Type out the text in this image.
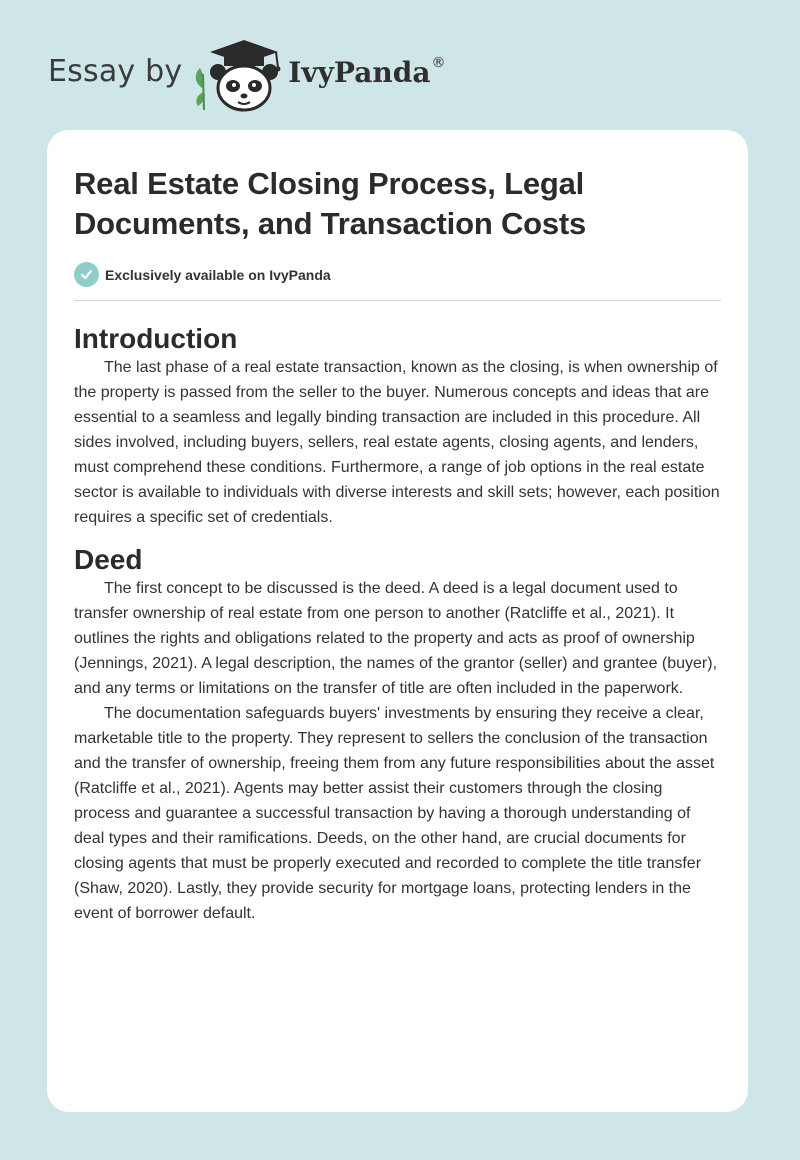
Essay by	IvyPanda ®
Real Estate Closing Process, Legal Documents, and Transaction Costs
Exclusively available on IvyPanda
Introduction

The last phase of a real estate transaction, known as the closing, is when ownership of the property is passed from the seller to the buyer. Numerous concepts and ideas that are essential to a seamless and legally binding transaction are included in this procedure. All sides involved, including buyers, sellers, real estate agents, closing agents, and lenders, must comprehend these conditions. Furthermore, a range of job options in the real estate sector is available to individuals with diverse interests and skill sets; however, each position requires a specific set of credentials.

Deed

The first concept to be discussed is the deed. A deed is a legal document used to transfer ownership of real estate from one person to another (Ratcliffe et al., 2021). It outlines the rights and obligations related to the property and acts as proof of ownership (Jennings, 2021). A legal description, the names of the grantor (seller) and grantee (buyer), and any terms or limitations on the transfer of title are often included in the paperwork.

The documentation safeguards buyers' investments by ensuring they receive a clear, marketable title to the property. They represent to sellers the conclusion of the transaction and the transfer of ownership, freeing them from any future responsibilities about the asset (Ratcliffe et al., 2021). Agents may better assist their customers through the closing process and guarantee a successful transaction by having a thorough understanding of deal types and their ramifications. Deeds, on the other hand, are crucial documents for closing agents that must be properly executed and recorded to complete the title transfer (Shaw, 2020). Lastly, they provide security for mortgage loans, protecting lenders in the event of borrower default.
